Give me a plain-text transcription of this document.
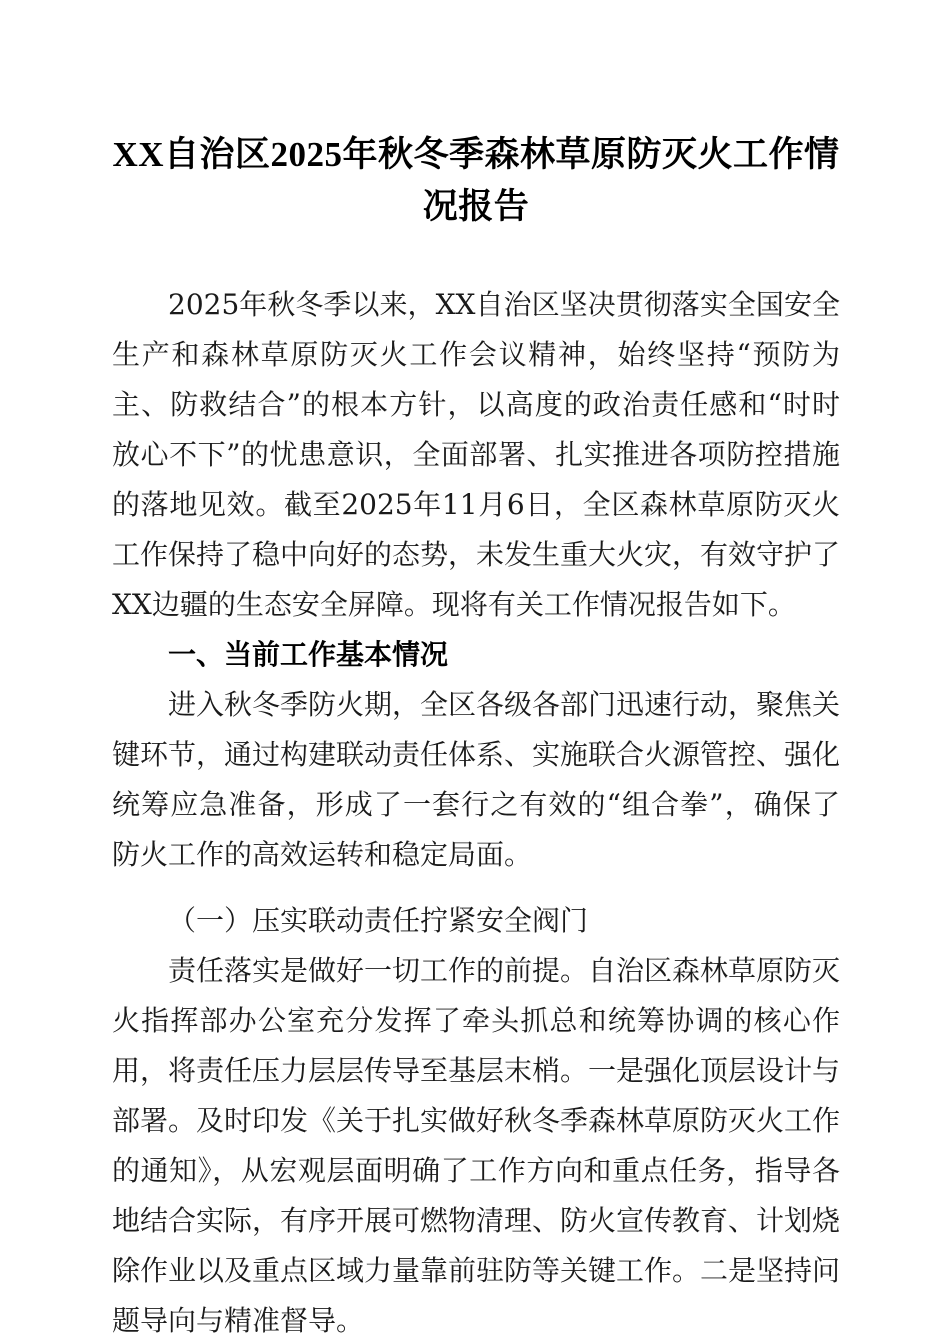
XX自治区2025年秋冬季森林草原防灭火工作情况报告

2025年秋冬季以来，XX自治区坚决贯彻落实全国安全生产和森林草原防灭火工作会议精神，始终坚持“预防为主、防救结合”的根本方针，以高度的政治责任感和“时时放心不下”的忧患意识，全面部署、扎实推进各项防控措施的落地见效。截至2025年11月6日，全区森林草原防灭火工作保持了稳中向好的态势，未发生重大火灾，有效守护了XX边疆的生态安全屏障。现将有关工作情况报告如下。

一、当前工作基本情况

进入秋冬季防火期，全区各级各部门迅速行动，聚焦关键环节，通过构建联动责任体系、实施联合火源管控、强化统筹应急准备，形成了一套行之有效的“组合拳”，确保了防火工作的高效运转和稳定局面。

（一）压实联动责任拧紧安全阀门

责任落实是做好一切工作的前提。自治区森林草原防灭火指挥部办公室充分发挥了牵头抓总和统筹协调的核心作用，将责任压力层层传导至基层末梢。一是强化顶层设计与部署。及时印发《关于扎实做好秋冬季森林草原防灭火工作的通知》，从宏观层面明确了工作方向和重点任务，指导各地结合实际，有序开展可燃物清理、防火宣传教育、计划烧除作业以及重点区域力量靠前驻防等关键工作。二是坚持问题导向与精准督导。
